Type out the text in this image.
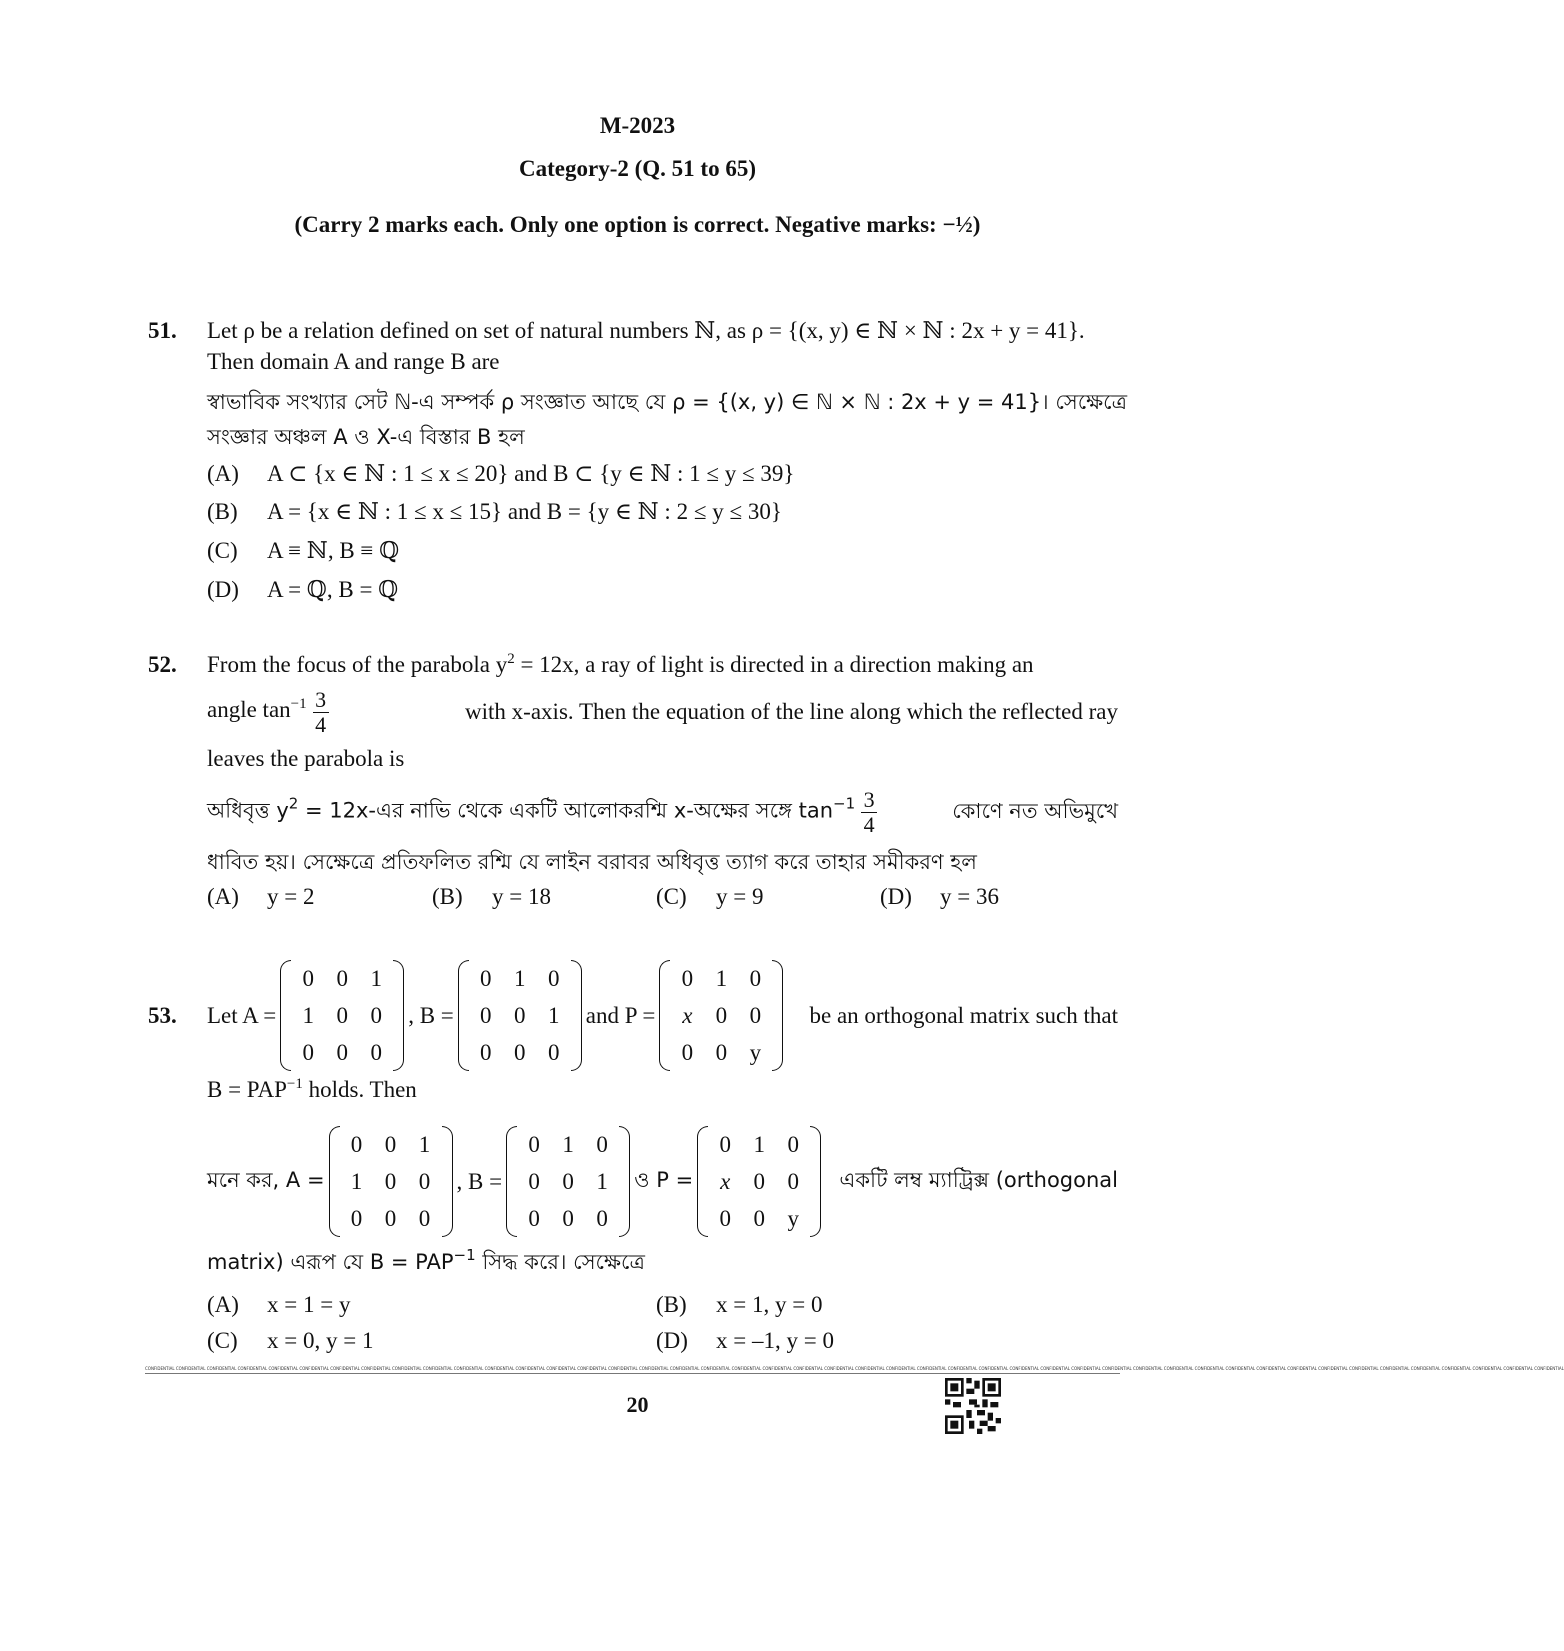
M-2023
Category-2 (Q. 51 to 65)
(Carry 2 marks each. Only one option is correct. Negative marks: −½)
51. Let ρ be a relation defined on set of natural numbers ℕ, as ρ = {(x, y) ∈ ℕ × ℕ : 2x + y = 41}.
Then domain A and range B are
স্বাভাবিক সংখ্যার সেট ℕ-এ সম্পর্ক ρ সংজ্ঞাত আছে যে ρ = {(x, y) ∈ ℕ × ℕ : 2x + y = 41}। সেক্ষেত্রে
সংজ্ঞার অঞ্চল A ও X-এ বিস্তার B হল
(A) A ⊂ {x ∈ ℕ : 1 ≤ x ≤ 20} and B ⊂ {y ∈ ℕ : 1 ≤ y ≤ 39}
(B) A = {x ∈ ℕ : 1 ≤ x ≤ 15} and B = {y ∈ ℕ : 2 ≤ y ≤ 30}
(C) A ≡ ℕ, B ≡ ℚ
(D) A = ℚ, B = ℚ
52. From the focus of the parabola $y^2 = 12x$, a ray of light is directed in a direction making an
angle $\tan^{-1} \frac{3}{4}$	with x-axis. Then the equation of the line along which the reflected ray
leaves the parabola is
অধিবৃত্ত $y^2$ = 12x-এর নাভি থেকে একটি আলোকরশ্মি x-অক্ষের সঙ্গে $\tan^{-1} \frac{3}{4}$	কোণে নত অভিমুখে
ধাবিত হয়। সেক্ষেত্রে প্রতিফলিত রশ্মি যে লাইন বরাবর অধিবৃত্ত ত্যাগ করে তাহার সমীকরণ হল
(A) y = 2	(B) y = 18	(C) y = 9	(D) y = 36
53.	Let A =
0 0 1
1 0 0
0 0 0
, B =
0 1 0
0 0 1
0 0 0
and P =
0 1 0
x	0 0
0 0 y
be an orthogonal matrix such that
$B = PAP^{-1}$ holds. Then
মনে কর, A =
0 0 1
1 0 0
0 0 0
, B =
0 1 0
0 0 1
0 0 0
ও P =
0 1 0
x	0 0
0 0 y
একটি লম্ব ম্যাট্রিক্স (orthogonal
matrix) এরূপ যে $B = PAP^{-1}$ সিদ্ধ করে। সেক্ষেত্রে
(A) x = 1 = y	(B) x = 1, y = 0
(C) x = 0, y = 1	(D) x = –1, y = 0
CONFIDENTIAL CONFIDENTIAL CONFIDENTIAL CONFIDENTIAL CONFIDENTIAL CONFIDENTIAL CONFIDENTIAL CONFIDENTIAL CONFIDENTIAL CONFIDENTIAL CONFIDENTIAL CONFIDENTIAL CONFIDENTIAL CONFIDENTIAL CONFIDENTIAL CONFIDENTIAL CONFIDENTIAL CONFIDENTIAL CONFIDENTIAL CONFIDENTIAL CONFIDENTIAL CONFIDENTIAL CONFIDENTIAL CONFIDENTIAL CONFIDENTIAL CONFIDENTIAL CONFIDENTIAL CONFIDENTIAL CONFIDENTIAL CONFIDENTIAL CONFIDENTIAL CONFIDENTIAL CONFIDENTIAL CONFIDENTIAL CONFIDENTIAL CONFIDENTIAL CONFIDENTIAL CONFIDENTIAL CONFIDENTIAL CONFIDENTIAL CONFIDENTIAL CONFIDENTIAL CONFIDENTIAL CONFIDENTIAL CONFIDENTIAL CONFIDENTIAL
20
